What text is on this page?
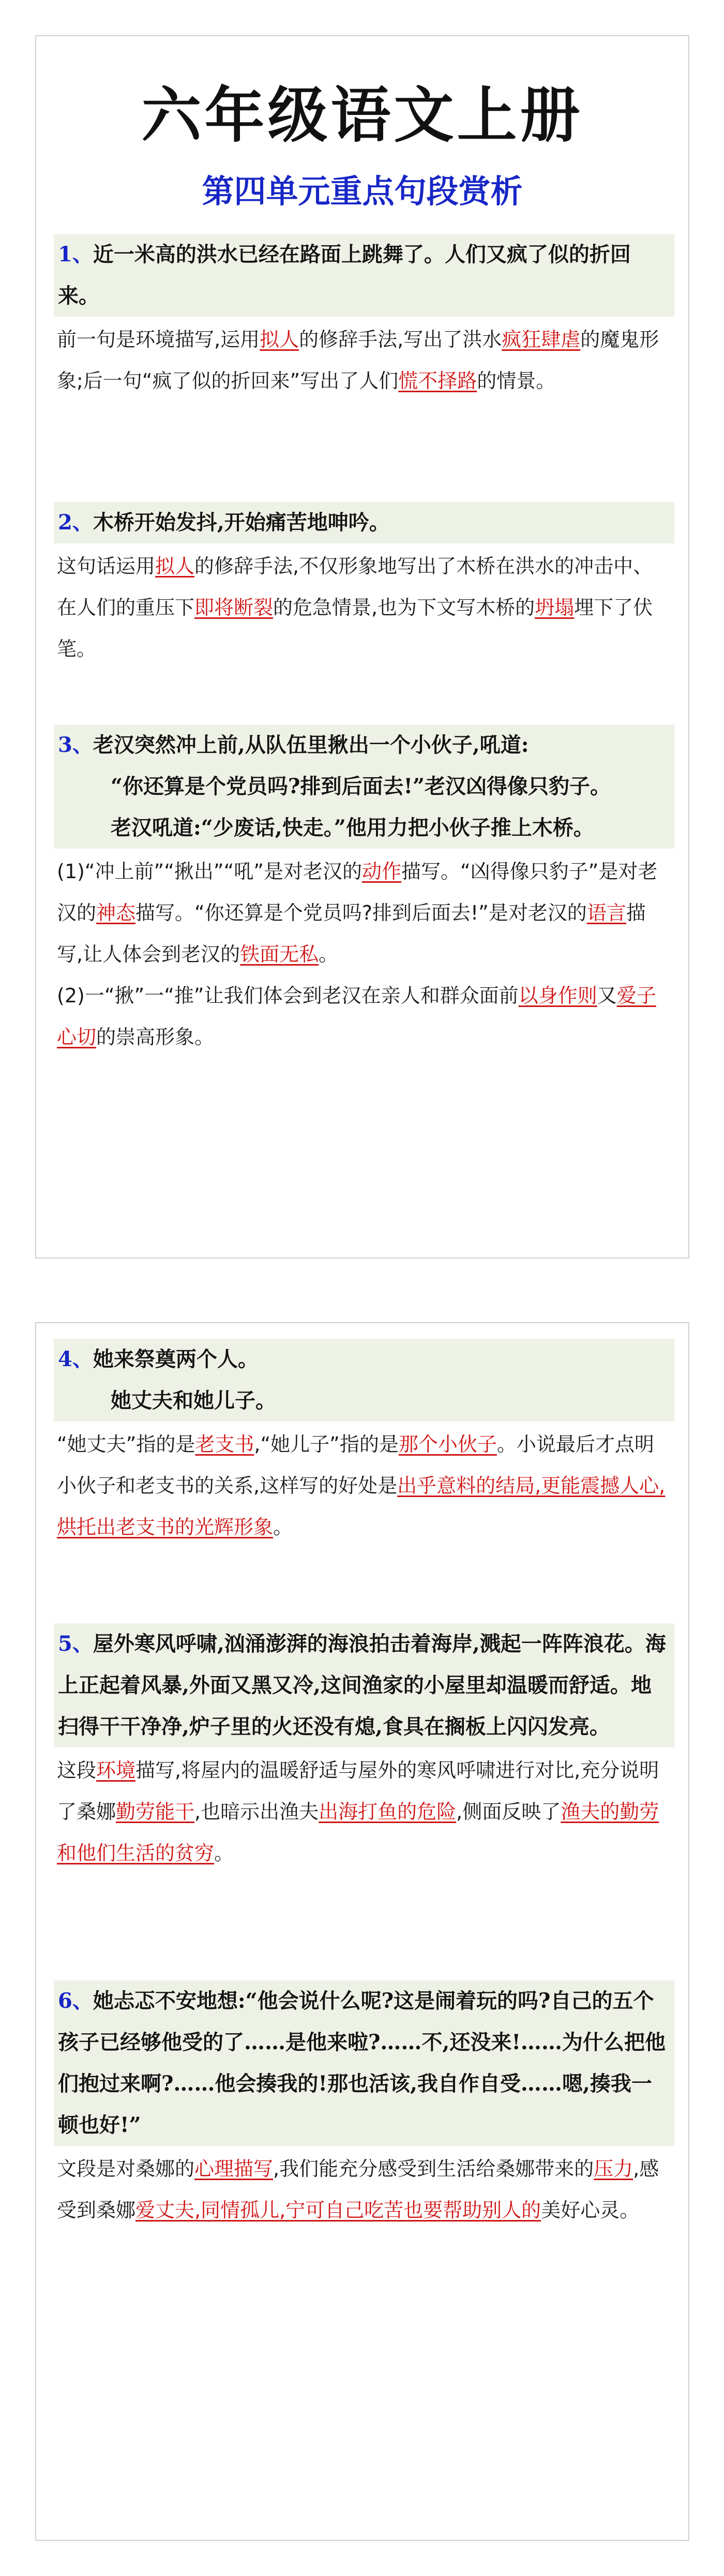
六年级语文上册
第四单元重点句段赏析

1、近一米高的洪水已经在路面上跳舞了。人们又疯了似的折回来。

前一句是环境描写,运用拟人的修辞手法,写出了洪水疯狂肆虐的魔鬼形象;后一句“疯了似的折回来”写出了人们慌不择路的情景。

2、木桥开始发抖,开始痛苦地呻吟。

这句话运用拟人的修辞手法,不仅形象地写出了木桥在洪水的冲击中、在人们的重压下即将断裂的危急情景,也为下文写木桥的坍塌埋下了伏笔。

3、老汉突然冲上前,从队伍里揪出一个小伙子,吼道:

“你还算是个党员吗?排到后面去!”老汉凶得像只豹子。

老汉吼道:“少废话,快走。”他用力把小伙子推上木桥。

(1)“冲上前”“揪出”“吼”是对老汉的动作描写。“凶得像只豹子”是对老汉的神态描写。“你还算是个党员吗?排到后面去!”是对老汉的语言描写,让人体会到老汉的铁面无私。

(2)一“揪”一“推”让我们体会到老汉在亲人和群众面前以身作则又爱子心切的崇高形象。

4、她来祭奠两个人。

她丈夫和她儿子。

“她丈夫”指的是老支书,“她儿子”指的是那个小伙子。小说最后才点明小伙子和老支书的关系,这样写的好处是出乎意料的结局,更能震撼人心,烘托出老支书的光辉形象。

5、屋外寒风呼啸,汹涌澎湃的海浪拍击着海岸,溅起一阵阵浪花。海上正起着风暴,外面又黑又冷,这间渔家的小屋里却温暖而舒适。地扫得干干净净,炉子里的火还没有熄,食具在搁板上闪闪发亮。

这段环境描写,将屋内的温暖舒适与屋外的寒风呼啸进行对比,充分说明了桑娜勤劳能干,也暗示出渔夫出海打鱼的危险,侧面反映了渔夫的勤劳和他们生活的贫穷。

6、她忐忑不安地想:“他会说什么呢?这是闹着玩的吗?自己的五个孩子已经够他受的了……是他来啦?……不,还没来!……为什么把他们抱过来啊?……他会揍我的!那也活该,我自作自受……嗯,揍我一顿也好!”

文段是对桑娜的心理描写,我们能充分感受到生活给桑娜带来的压力,感受到桑娜爱丈夫,同情孤儿,宁可自己吃苦也要帮助别人的美好心灵。
